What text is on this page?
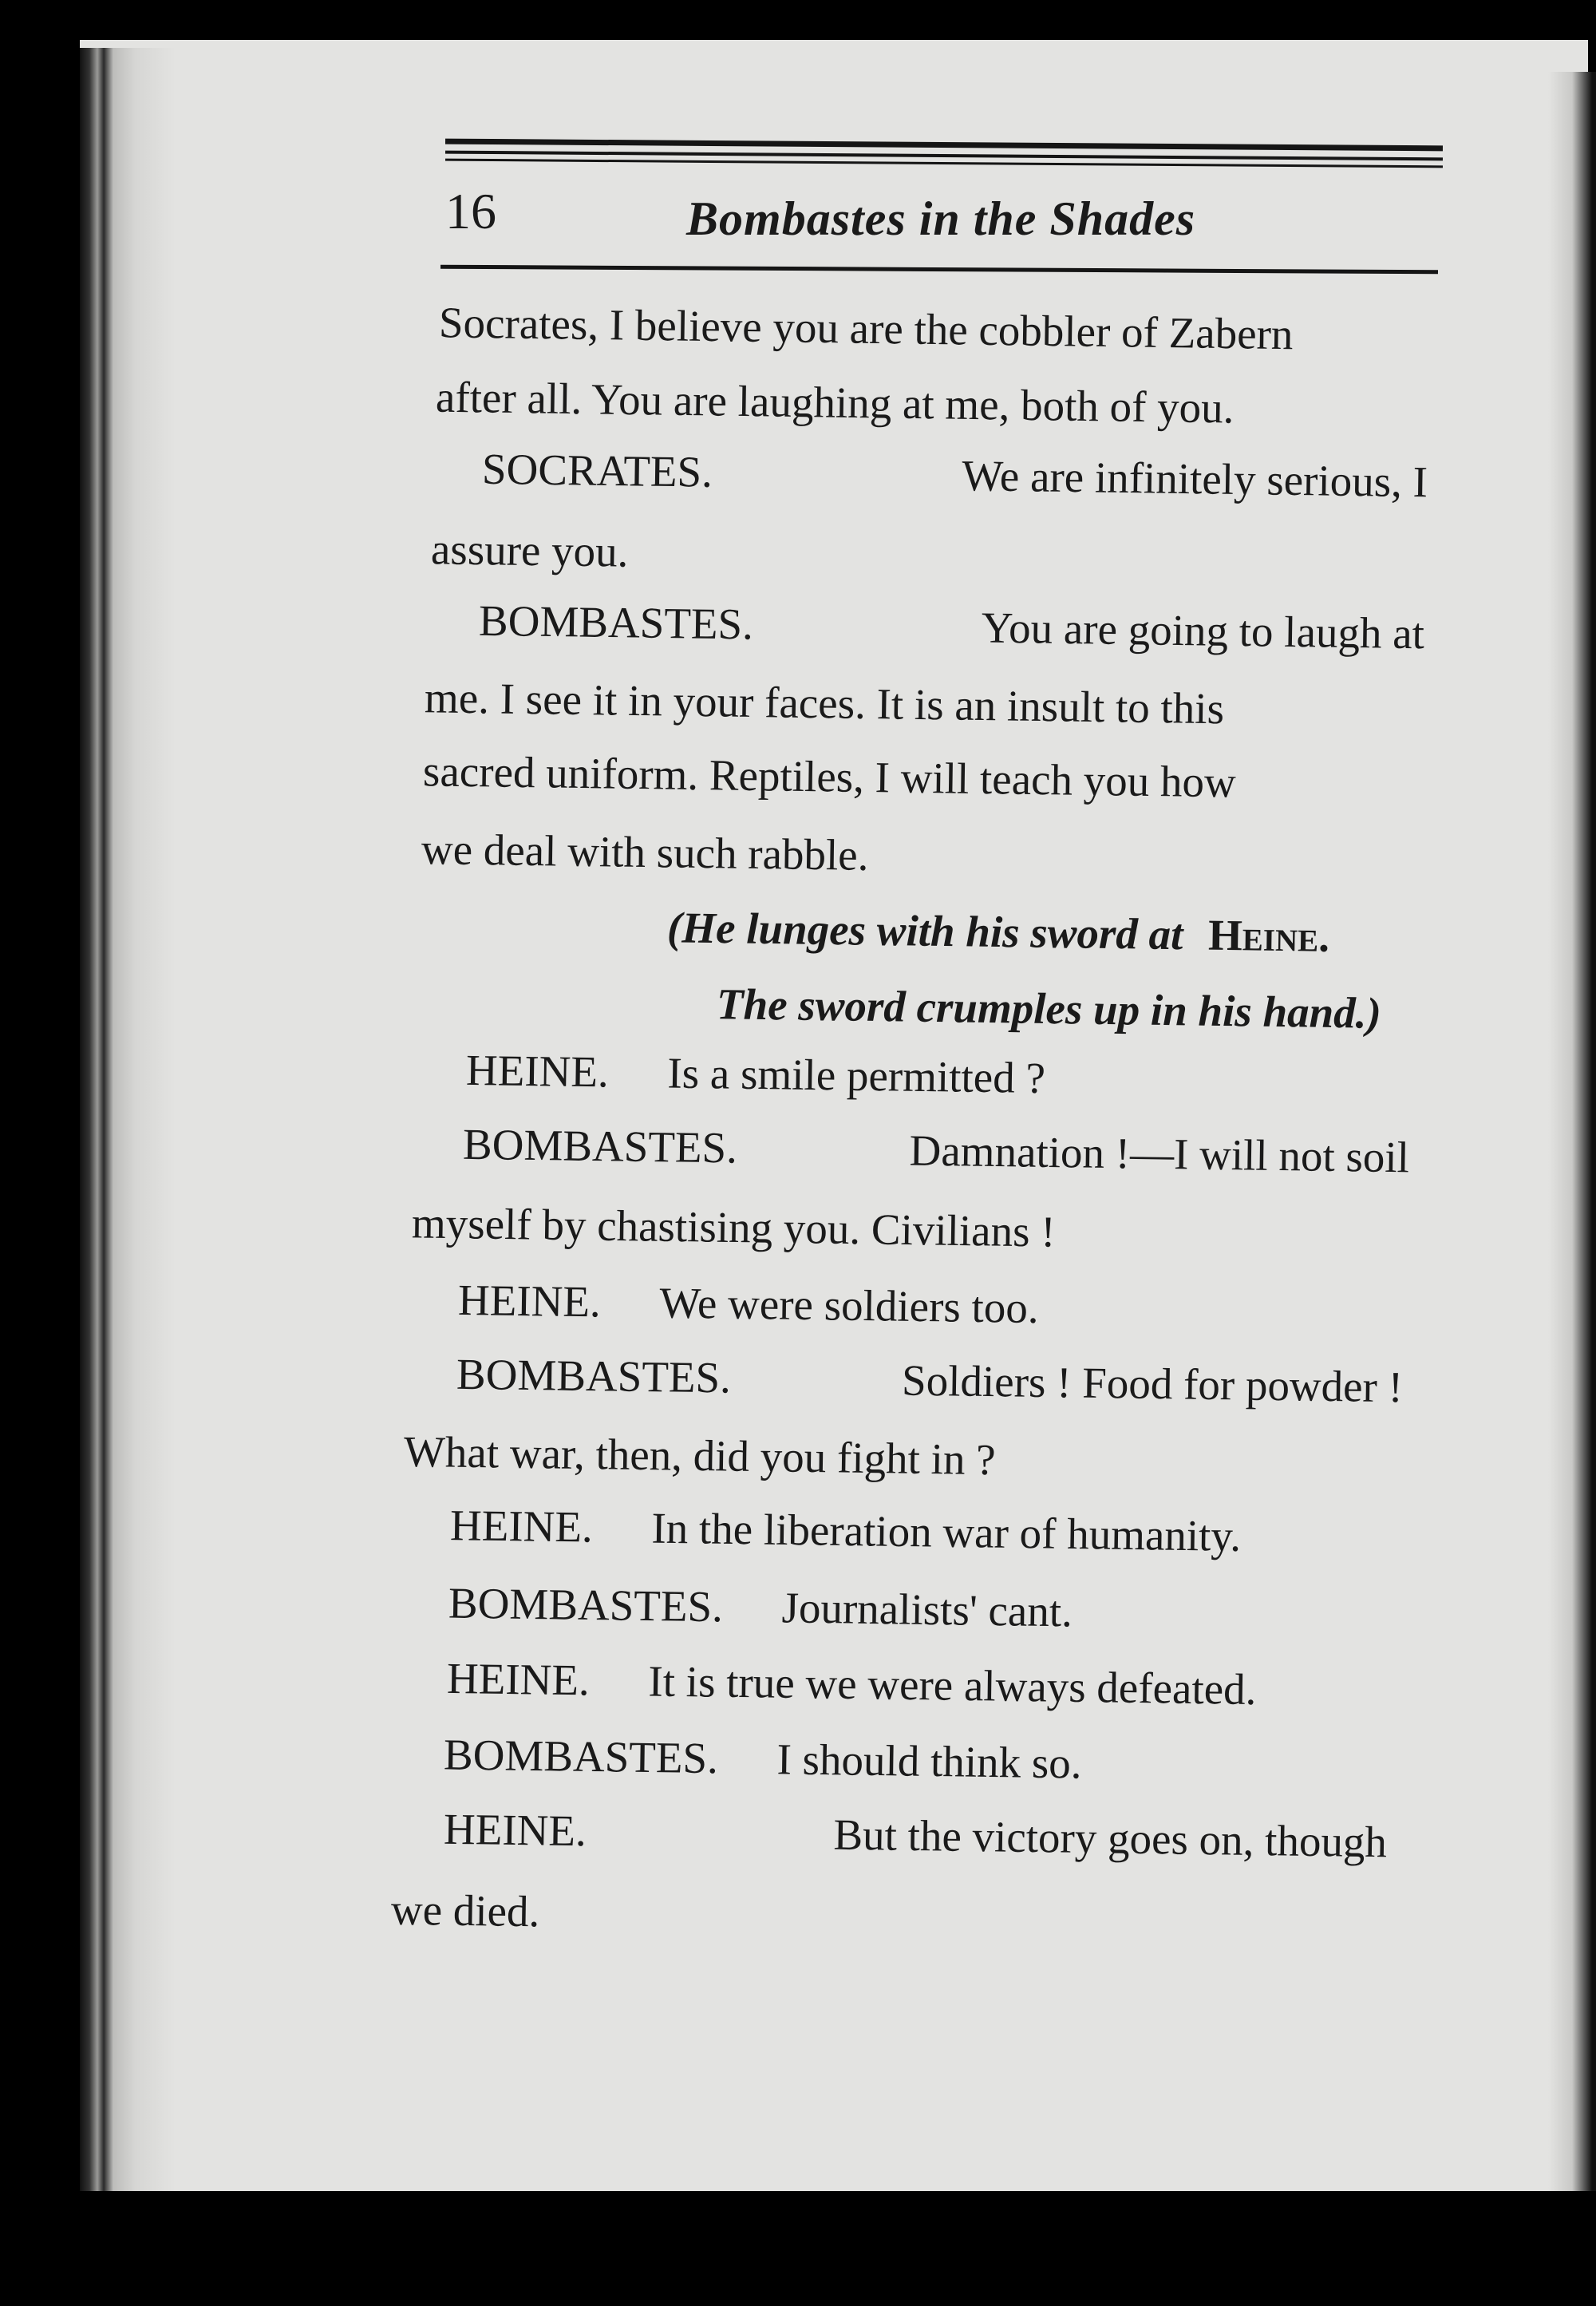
16	Bombastes in the Shades
Socrates, I believe you are the cobbler of Zabern
after all. You are laughing at me, both of you.
SOCRATES.	We are infinitely serious, I
assure you.
BOMBASTES.	You are going to laugh at
me. I see it in your faces. It is an insult to this
sacred uniform. Reptiles, I will teach you how
we deal with such rabble.
(He lunges with his sword at Heine.
The sword crumples up in his hand.)
HEINE. Is a smile permitted ?
BOMBASTES.	Damnation !—I will not soil
myself by chastising you. Civilians !
HEINE. We were soldiers too.
BOMBASTES.	Soldiers ! Food for powder !
What war, then, did you fight in ?
HEINE. In the liberation war of humanity.
BOMBASTES. Journalists' cant.
HEINE. It is true we were always defeated.
BOMBASTES. I should think so.
HEINE.	But the victory goes on, though
we died.
